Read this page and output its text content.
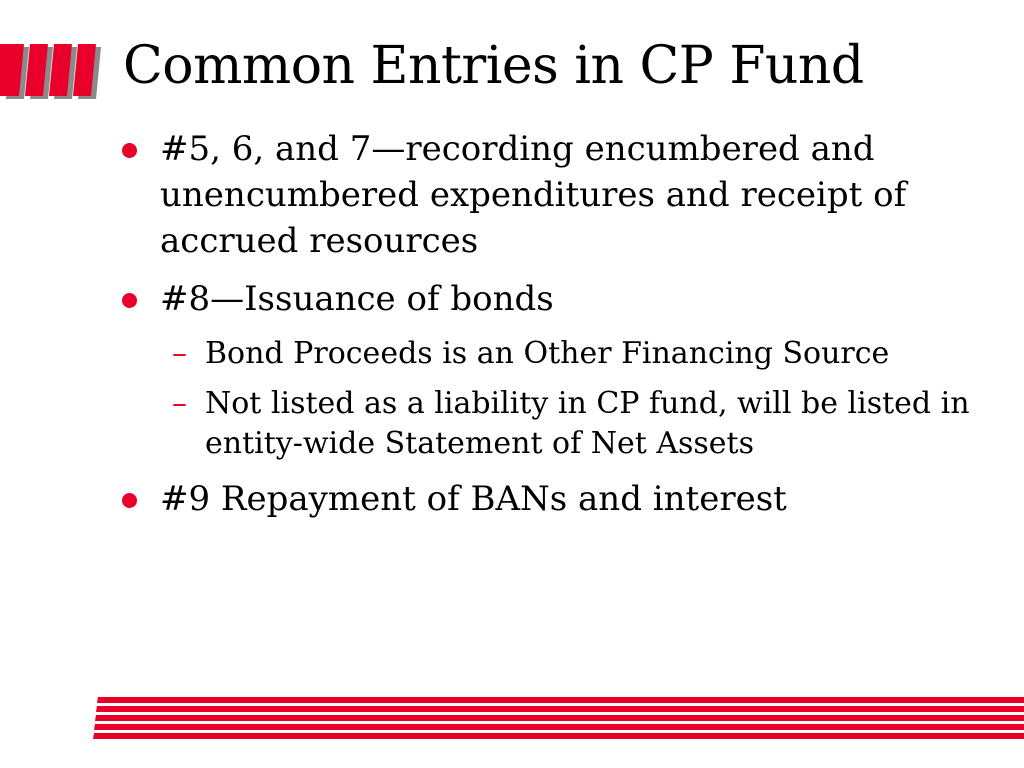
Common Entries in CP Fund
#5, 6, and 7—recording encumbered and unencumbered expenditures and receipt of accrued resources
#8—Issuance of bonds
– Bond Proceeds is an Other Financing Source
– Not listed as a liability in CP fund, will be listed in entity-wide Statement of Net Assets
#9 Repayment of BANs and interest
